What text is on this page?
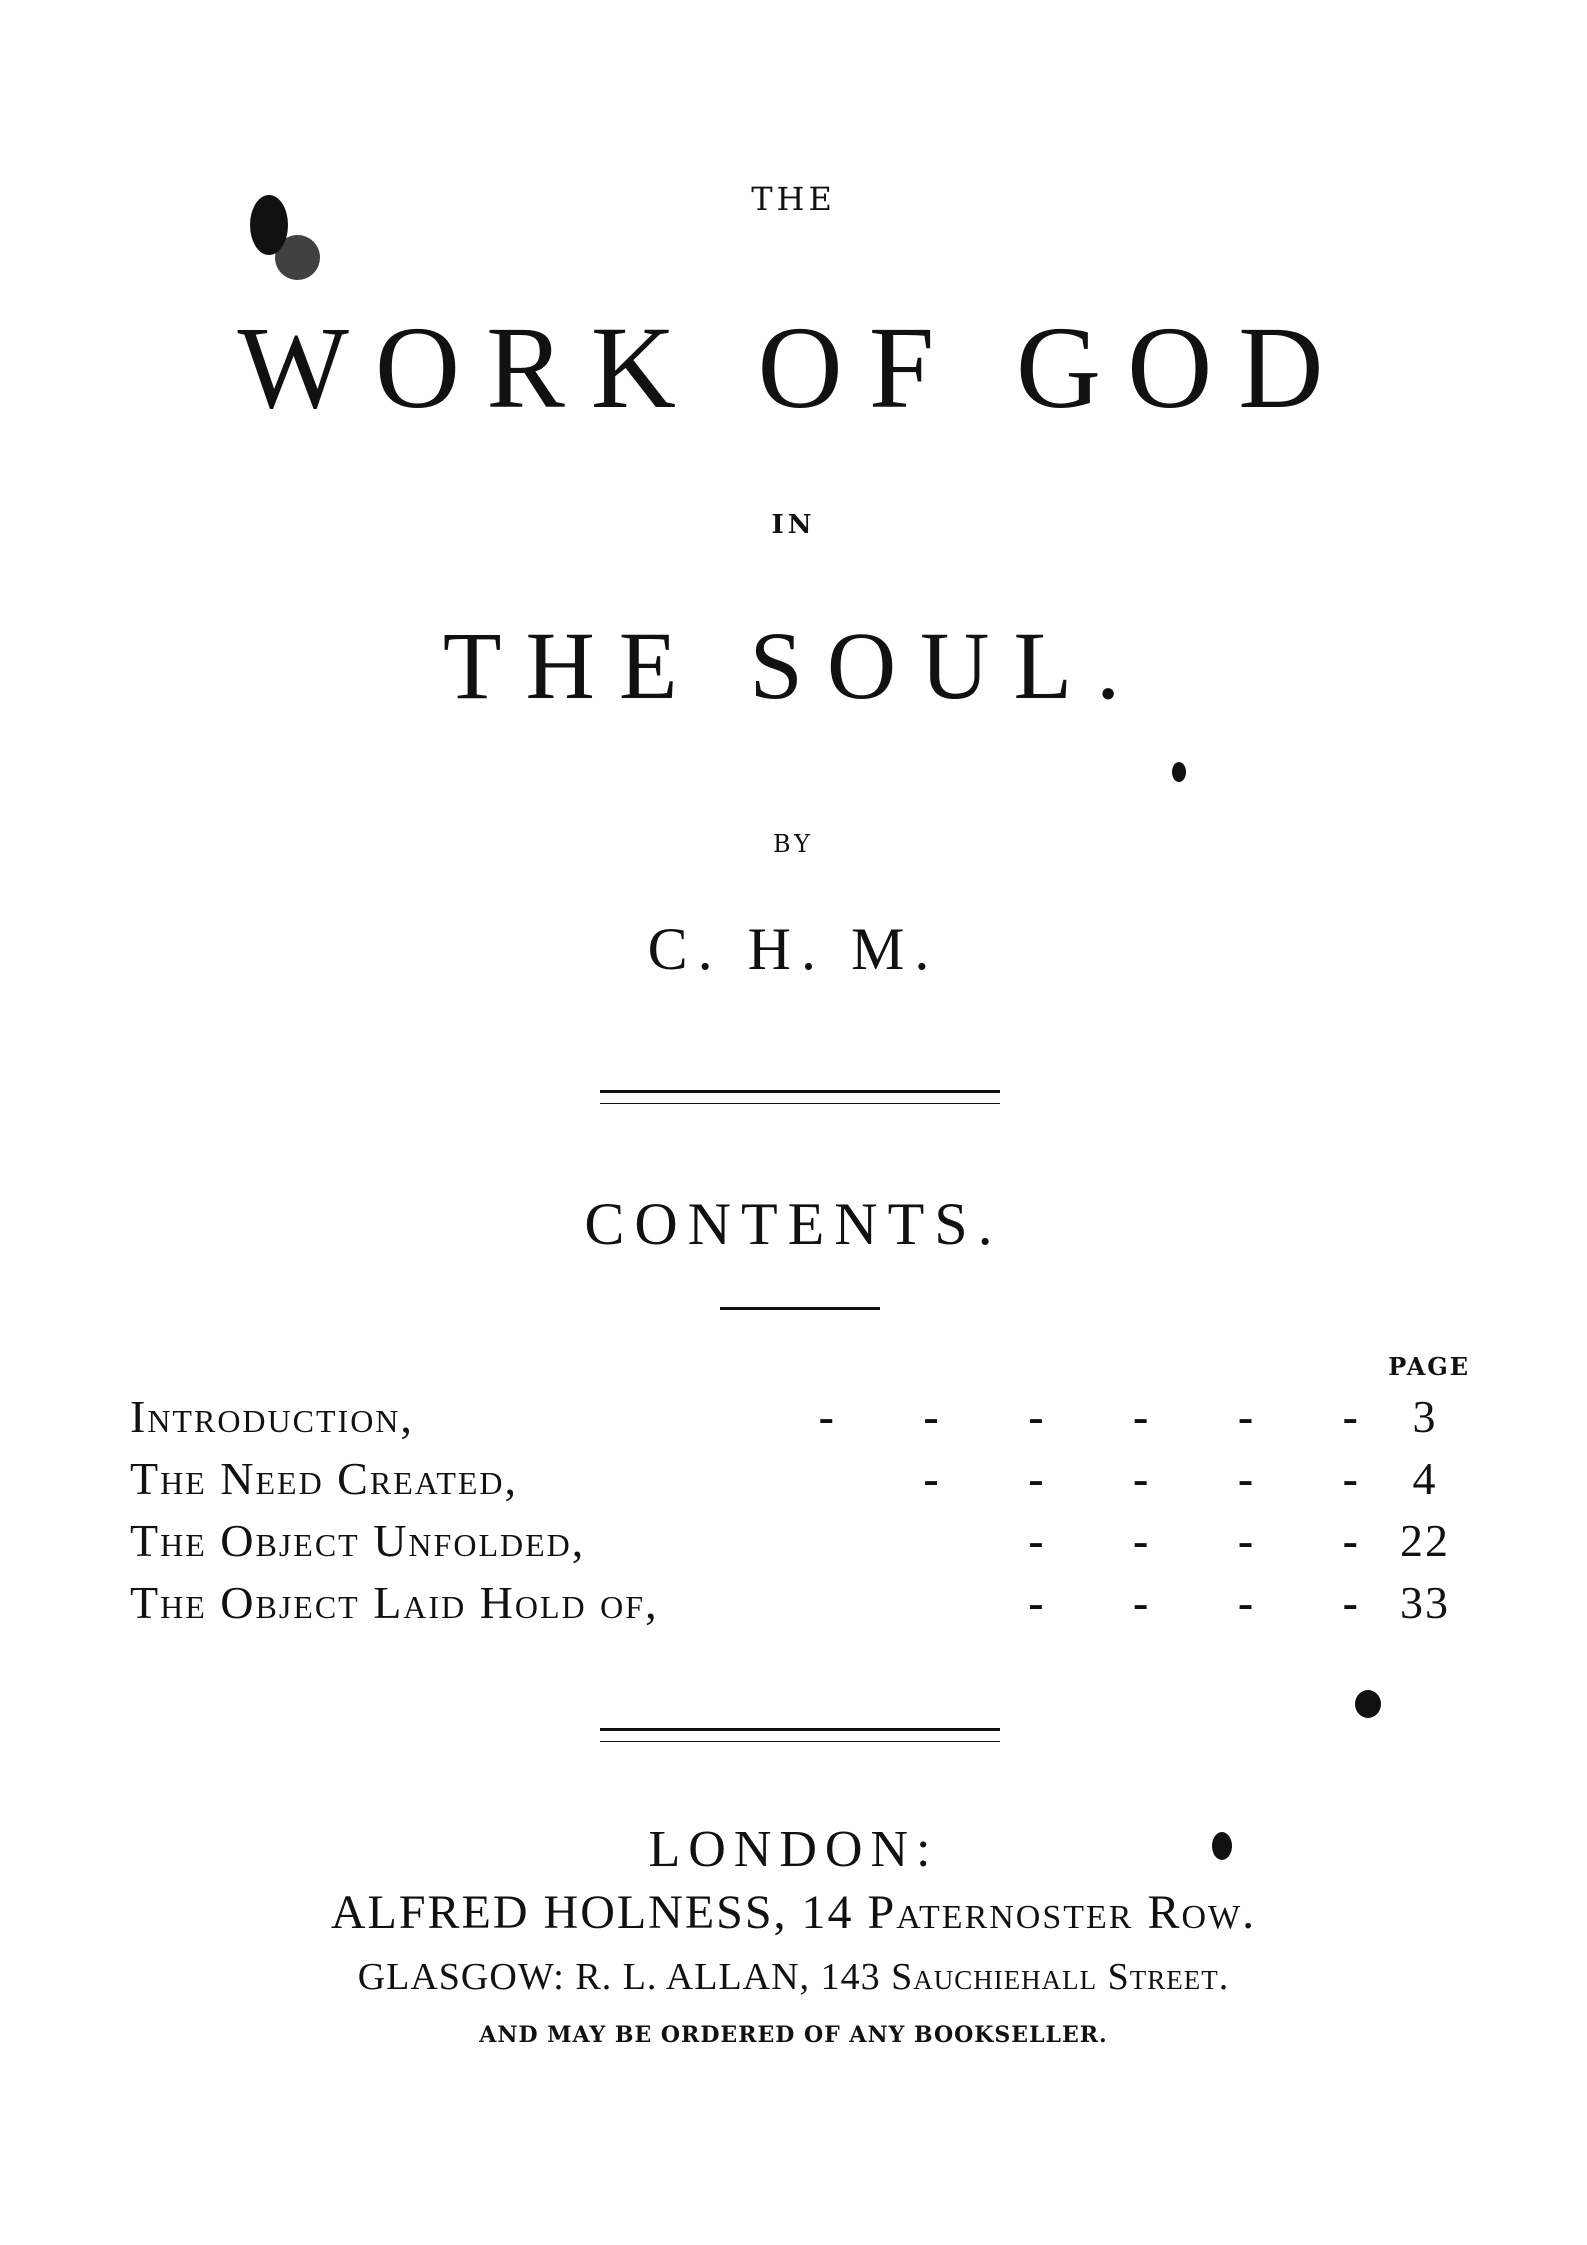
THE
WORK OF GOD
IN
THE SOUL.
BY
C. H. M.
CONTENTS.
PAGE
Introduction,	- - - - - -	3
The Need Created,	- - - - -	4
The Object Unfolded,	- - - - 22
The Object Laid Hold of,	- - - - 33
LONDON:
ALFRED HOLNESS, 14 Paternoster Row.
GLASGOW: R. L. ALLAN, 143 Sauchiehall Street.
AND MAY BE ORDERED OF ANY BOOKSELLER.
